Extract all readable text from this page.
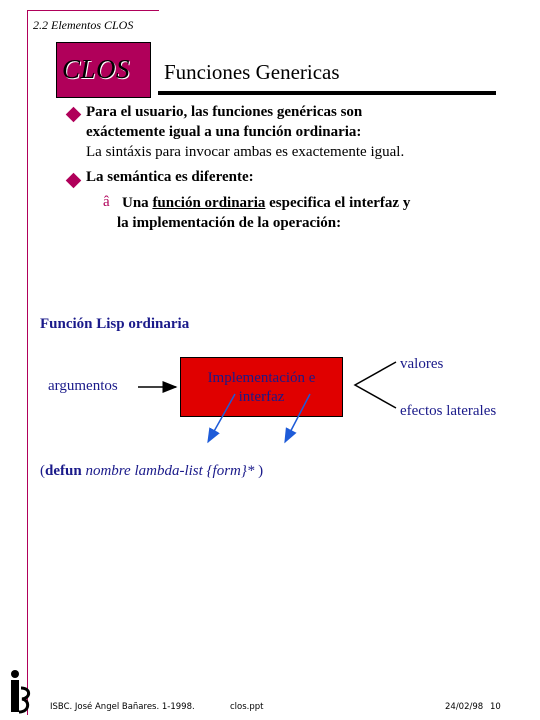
2.2 Elementos CLOS
CLOS Funciones Genericas
Para el usuario, las funciones genéricas son
exáctemente igual a una función ordinaria:
La sintáxis para invocar ambas es exactemente igual.
La semántica es diferente:
â Una función ordinaria especifica el interfaz y
la implementación de la operación:
Función Lisp ordinaria
argumentos	Implementación e
interfaz
valores
efectos laterales
(defun nombre lambda-list {form}* )
ISBC. José Angel Bañares. 1-1998.	clos.ppt	24/02/98 10
